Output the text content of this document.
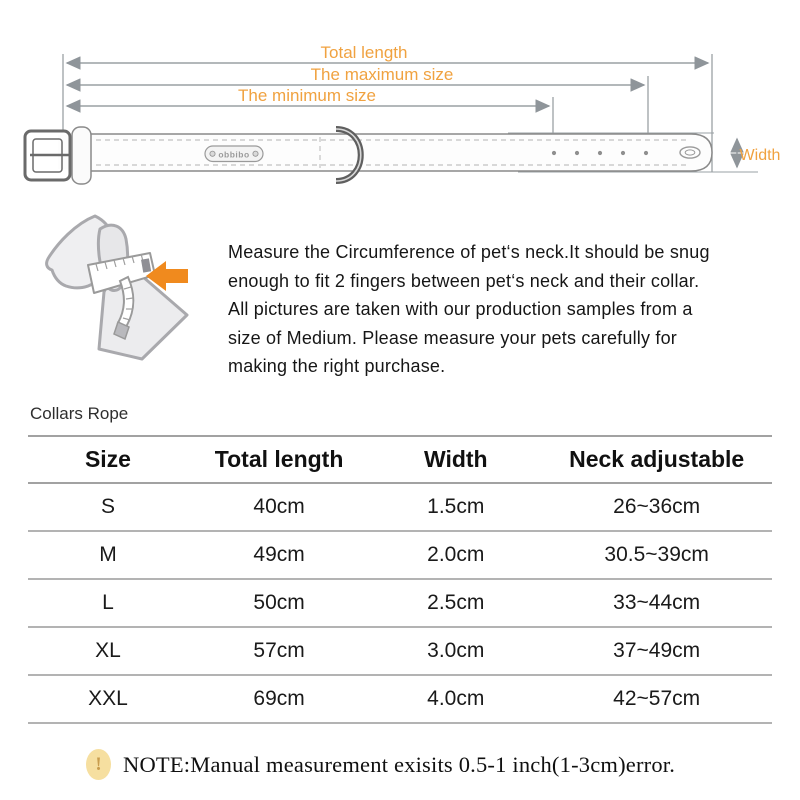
Total length
The maximum size
The minimum size
Width
obbibo
Measure the Circumference of pet‘s neck.It should be snug
enough to fit 2 fingers between pet‘s neck and their collar.
All pictures are taken with our production samples from a
size of Medium. Please measure your pets carefully for
making the right purchase.
Collars Rope
Size	Total length	Width	Neck adjustable
S	40cm	1.5cm	26~36cm
M	49cm	2.0cm	30.5~39cm
L	50cm	2.5cm	33~44cm
XL	57cm	3.0cm	37~49cm
XXL	69cm	4.0cm	42~57cm
! NOTE:Manual measurement exisits 0.5-1 inch(1-3cm)error.
